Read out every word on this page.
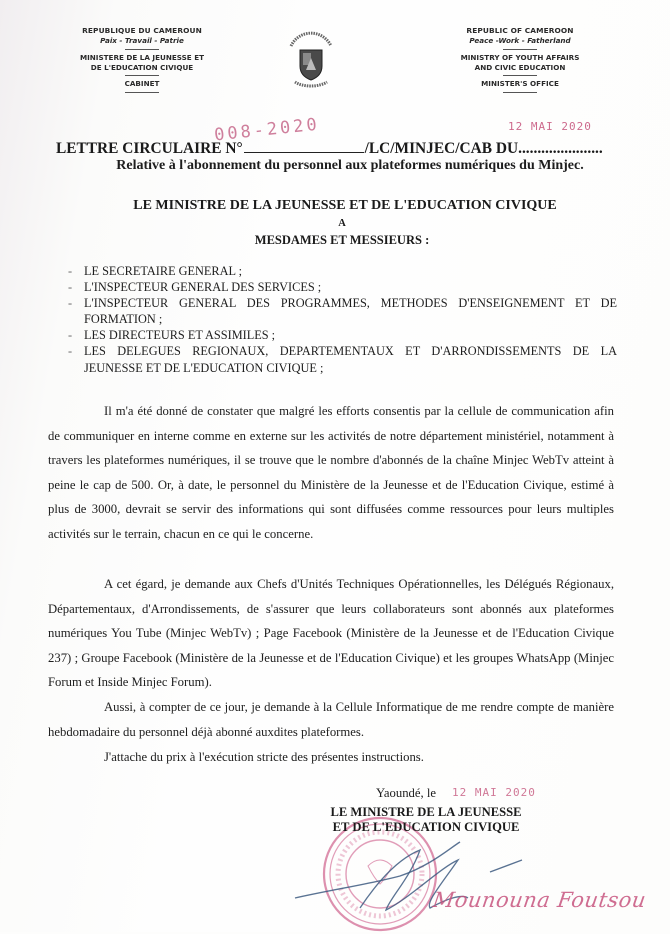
REPUBLIQUE DU CAMEROUN
Paix - Travail - Patrie
MINISTERE DE LA JEUNESSE ET
DE L'EDUCATION CIVIQUE
CABINET
REPUBLIC OF CAMEROON
Peace -Work - Fatherland
MINISTRY OF YOUTH AFFAIRS
AND CIVIC EDUCATION
MINISTER'S OFFICE
LETTRE CIRCULAIRE N°	/LC/MINJEC/CAB DU......................
008-2020	12 MAI 2020
Relative à l'abonnement du personnel aux plateformes numériques du Minjec.
LE MINISTRE DE LA JEUNESSE ET DE L'EDUCATION CIVIQUE
A
MESDAMES ET MESSIEURS :
- LE SECRETAIRE GENERAL ;
- L'INSPECTEUR GENERAL DES SERVICES ;
- L'INSPECTEUR GENERAL DES PROGRAMMES, METHODES D'ENSEIGNEMENT ET DE FORMATION ;
- LES DIRECTEURS ET ASSIMILES ;
- LES DELEGUES REGIONAUX, DEPARTEMENTAUX ET D'ARRONDISSEMENTS DE LA JEUNESSE ET DE L'EDUCATION CIVIQUE ;

Il m'a été donné de constater que malgré les efforts consentis par la cellule de communication afin de communiquer en interne comme en externe sur les activités de notre département ministériel, notamment à travers les plateformes numériques, il se trouve que le nombre d'abonnés de la chaîne Minjec WebTv atteint à peine le cap de 500. Or, à date, le personnel du Ministère de la Jeunesse et de l'Education Civique, estimé à plus de 3000, devrait se servir des informations qui sont diffusées comme ressources pour leurs multiples activités sur le terrain, chacun en ce qui le concerne.

A cet égard, je demande aux Chefs d'Unités Techniques Opérationnelles, les Délégués Régionaux, Départementaux, d'Arrondissements, de s'assurer que leurs collaborateurs sont abonnés aux plateformes numériques You Tube (Minjec WebTv) ; Page Facebook (Ministère de la Jeunesse et de l'Education Civique 237) ; Groupe Facebook (Ministère de la Jeunesse et de l'Education Civique) et les groupes WhatsApp (Minjec Forum et Inside Minjec Forum).

Aussi, à compter de ce jour, je demande à la Cellule Informatique de me rendre compte de manière hebdomadaire du personnel déjà abonné auxdites plateformes.

J'attache du prix à l'exécution stricte des présentes instructions.

Yaoundé, le 12 MAI 2020
LE MINISTRE DE LA JEUNESSE
ET DE L'EDUCATION CIVIQUE
Mounouna Foutsou
